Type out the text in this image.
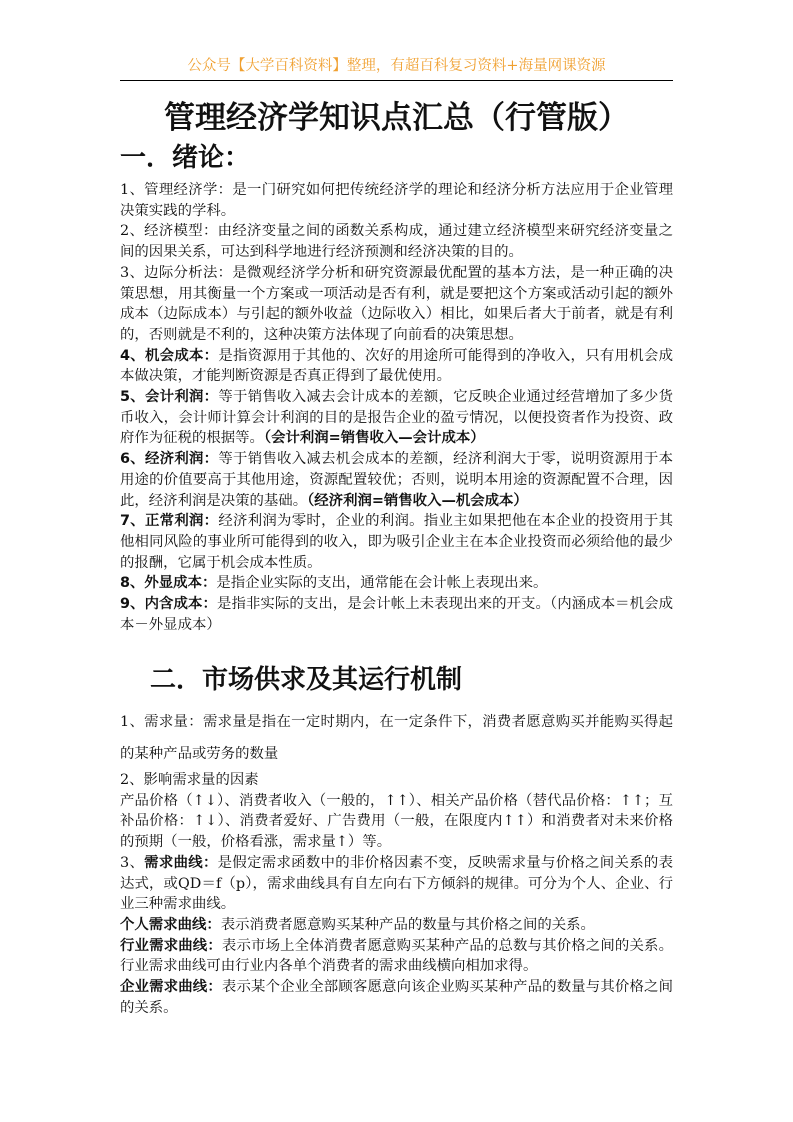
公众号【大学百科资料】整理，有超百科复习资料+海量网课资源
管理经济学知识点汇总（行管版）
一．绪论：

1、管理经济学：是一门研究如何把传统经济学的理论和经济分析方法应用于企业管理决策实践的学科。

2、经济模型：由经济变量之间的函数关系构成，通过建立经济模型来研究经济变量之间的因果关系，可达到科学地进行经济预测和经济决策的目的。

3、边际分析法：是微观经济学分析和研究资源最优配置的基本方法，是一种正确的决策思想，用其衡量一个方案或一项活动是否有利，就是要把这个方案或活动引起的额外成本（边际成本）与引起的额外收益（边际收入）相比，如果后者大于前者，就是有利的，否则就是不利的，这种决策方法体现了向前看的决策思想。

4、机会成本：是指资源用于其他的、次好的用途所可能得到的净收入，只有用机会成本做决策，才能判断资源是否真正得到了最优使用。

5、会计利润：等于销售收入减去会计成本的差额，它反映企业通过经营增加了多少货币收入，会计师计算会计利润的目的是报告企业的盈亏情况，以便投资者作为投资、政府作为征税的根据等。（会计利润=销售收入—会计成本）

6、经济利润：等于销售收入减去机会成本的差额，经济利润大于零，说明资源用于本用途的价值要高于其他用途，资源配置较优；否则，说明本用途的资源配置不合理，因此，经济利润是决策的基础。（经济利润=销售收入—机会成本）

7、正常利润：经济利润为零时，企业的利润。指业主如果把他在本企业的投资用于其他相同风险的事业所可能得到的收入，即为吸引企业主在本企业投资而必须给他的最少的报酬，它属于机会成本性质。

8、外显成本：是指企业实际的支出，通常能在会计帐上表现出来。

9、内含成本：是指非实际的支出，是会计帐上未表现出来的开支。（内涵成本＝机会成本－外显成本）

二．市场供求及其运行机制

1、需求量：需求量是指在一定时期内，在一定条件下，消费者愿意购买并能购买得起的某种产品或劳务的数量

2、影响需求量的因素

产品价格（↑↓）、消费者收入（一般的，↑↑）、相关产品价格（替代品价格：↑↑；互补品价格：↑↓）、消费者爱好、广告费用（一般，在限度内↑↑）和消费者对未来价格的预期（一般，价格看涨，需求量↑）等。

3、需求曲线：是假定需求函数中的非价格因素不变，反映需求量与价格之间关系的表达式，或QD＝f（p），需求曲线具有自左向右下方倾斜的规律。可分为个人、企业、行业三种需求曲线。

个人需求曲线：表示消费者愿意购买某种产品的数量与其价格之间的关系。

行业需求曲线：表示市场上全体消费者愿意购买某种产品的总数与其价格之间的关系。行业需求曲线可由行业内各单个消费者的需求曲线横向相加求得。

企业需求曲线：表示某个企业全部顾客愿意向该企业购买某种产品的数量与其价格之间的关系。
